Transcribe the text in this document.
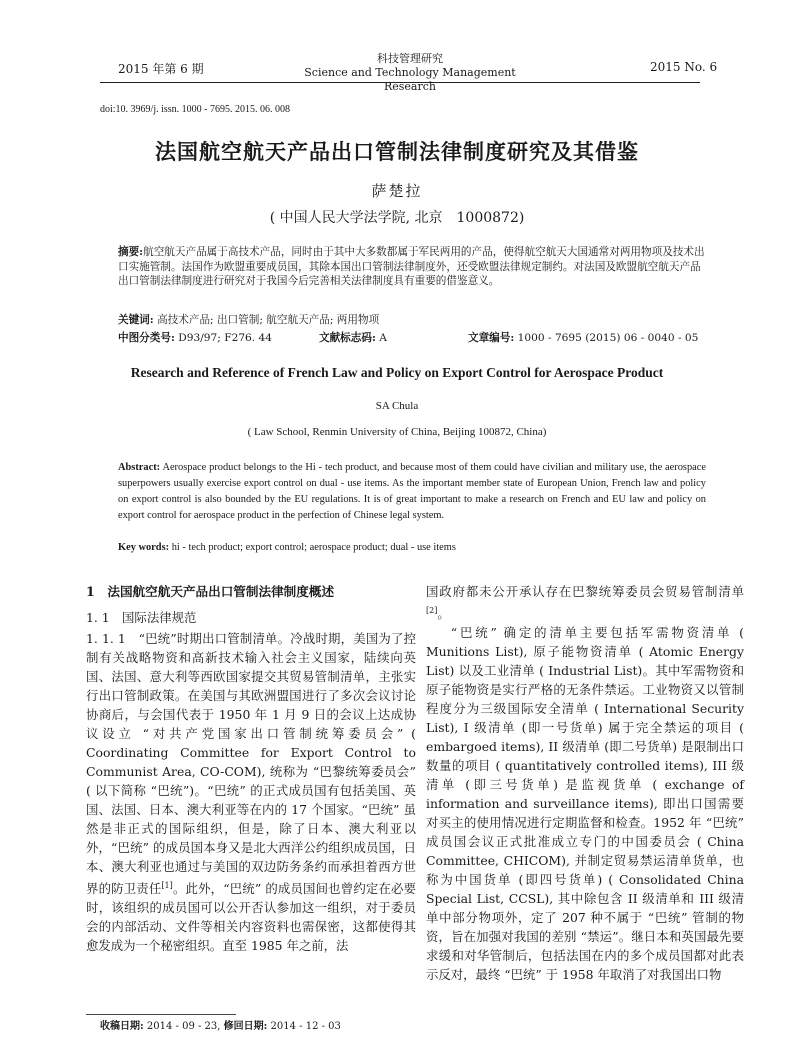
2015 年第 6 期
科技管理研究
Science and Technology Management Research
2015 No. 6
doi:10. 3969/j. issn. 1000 - 7695. 2015. 06. 008
法国航空航天产品出口管制法律制度研究及其借鉴
萨楚拉
( 中国人民大学法学院, 北京　1000872)
摘要:航空航天产品属于高技术产品，同时由于其中大多数都属于军民两用的产品，使得航空航天大国通常对两用物项及技术出口实施管制。法国作为欧盟重要成员国，其除本国出口管制法律制度外，还受欧盟法律规定制约。对法国及欧盟航空航天产品出口管制法律制度进行研究对于我国今后完善相关法律制度具有重要的借鉴意义。
关键词: 高技术产品; 出口管制; 航空航天产品; 两用物项
中图分类号: D93/97; F276. 44	文献标志码: A	文章编号: 1000 - 7695 (2015) 06 - 0040 - 05
Research and Reference of French Law and Policy on Export Control for Aerospace Product
SA Chula
( Law School, Renmin University of China, Beijing 100872, China)
Abstract: Aerospace product belongs to the Hi - tech product, and because most of them could have civilian and military use, the aerospace superpowers usually exercise export control on dual - use items. As the important member state of European Union, French law and policy on export control is also bounded by the EU regulations. It is of great important to make a research on French and EU law and policy on export control for aerospace product in the perfection of Chinese legal system.
Key words: hi - tech product; export control; aerospace product; dual - use items
1　法国航空航天产品出口管制法律制度概述
1. 1　国际法律规范

1. 1. 1　“巴统”时期出口管制清单。冷战时期，美国为了控制有关战略物资和高新技术输入社会主义国家，陆续向英国、法国、意大利等西欧国家提交其贸易管制清单，主张实行出口管制政策。在美国与其欧洲盟国进行了多次会议讨论协商后，与会国代表于 1950 年 1 月 9 日的会议上达成协议设立 “对共产党国家出口管制统筹委员会” ( Coordinating Committee for Export Control to Communist Area, CO-COM), 统称为 “巴黎统筹委员会” ( 以下简称 “巴统”)。“巴统” 的正式成员国有包括美国、英国、法国、日本、澳大利亚等在内的 17 个国家。“巴统” 虽然是非正式的国际组织，但是，除了日本、澳大利亚以外，“巴统” 的成员国本身又是北大西洋公约组织成员国，日本、澳大利亚也通过与美国的双边防务条约而承担着西方世界的防卫责任[1]。此外，“巴统” 的成员国间也曾约定在必要时，该组织的成员国可以公开否认参加这一组织，对于委员会的内部活动、文件等相关内容资料也需保密，这都使得其愈发成为一个秘密组织。直至 1985 年之前，法

国政府都未公开承认存在巴黎统筹委员会贸易管制清单[2]。

“巴统” 确定的清单主要包括军需物资清单 ( Munitions List), 原子能物资清单 ( Atomic Energy List) 以及工业清单 ( Industrial List)。其中军需物资和原子能物资是实行严格的无条件禁运。工业物资又以管制程度分为三级国际安全清单 ( International Security List), I 级清单 (即一号货单) 属于完全禁运的项目 ( embargoed items), II 级清单 (即二号货单) 是限制出口数量的项目 ( quantitatively controlled items), III 级清单 (即三号货单) 是监视货单 ( exchange of information and surveillance items), 即出口国需要对买主的使用情况进行定期监督和检查。1952 年 “巴统” 成员国会议正式批准成立专门的中国委员会 ( China Committee, CHICOM), 并制定贸易禁运清单货单，也称为中国货单 (即四号货单) ( Consolidated China Special List, CCSL), 其中除包含 II 级清单和 III 级清单中部分物项外，定了 207 种不属于 “巴统” 管制的物资，旨在加强对我国的差别 “禁运”。继日本和英国最先要求缓和对华管制后，包括法国在内的多个成员国都对此表示反对，最终 “巴统” 于 1958 年取消了对我国出口物

收稿日期: 2014 - 09 - 23, 修回日期: 2014 - 12 - 03
